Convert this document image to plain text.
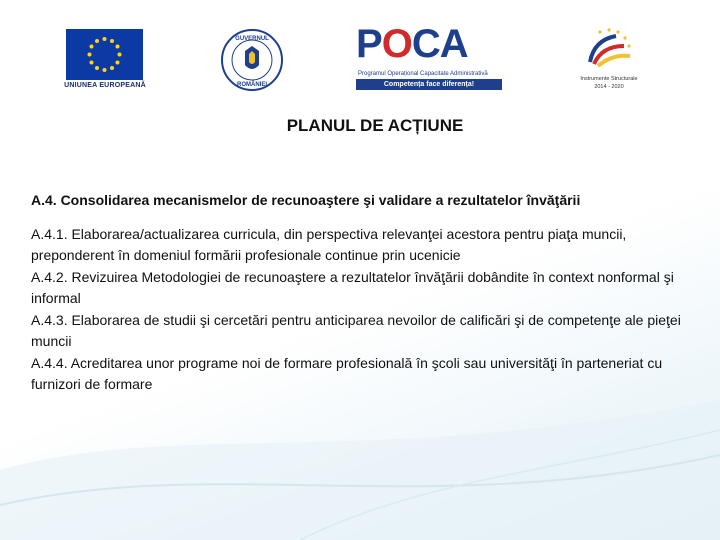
UNIUNEA EUROPEANĂ
GUVERNUL
ROMÂNIEI
POCA
Programul Operațional Capacitate Administrativă
Competența face diferența!
Instrumente Structurale
2014 - 2020
PLANUL DE ACȚIUNE

A.4. Consolidarea mecanismelor de recunoaştere şi validare a rezultatelor învăţării

A.4.1. Elaborarea/actualizarea curricula, din perspectiva relevanţei acestora pentru piaţa muncii, preponderent în domeniul formării profesionale continue prin ucenicie

A.4.2. Revizuirea Metodologiei de recunoaştere a rezultatelor învăţării dobândite în context nonformal şi informal

A.4.3. Elaborarea de studii şi cercetări pentru anticiparea nevoilor de calificări şi de competenţe ale pieţei muncii

A.4.4. Acreditarea unor programe noi de formare profesională în şcoli sau universităţi în parteneriat cu furnizori de formare
